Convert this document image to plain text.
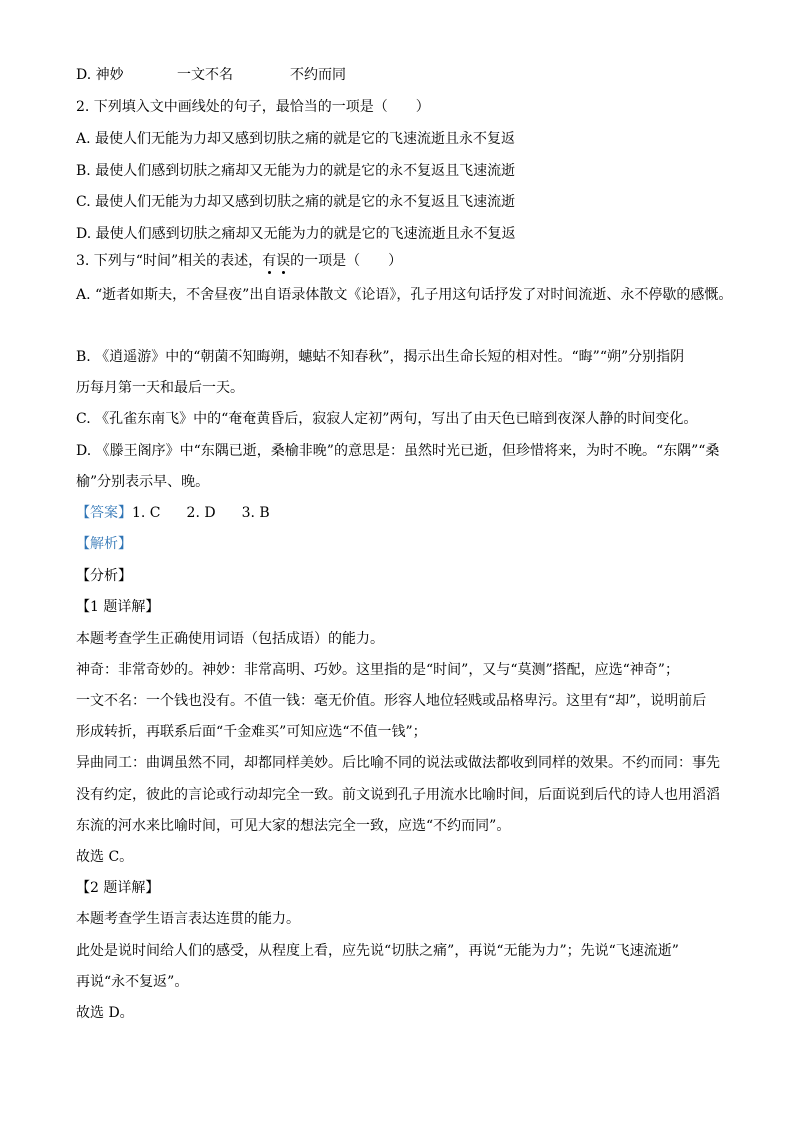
D. 神妙	一文不名	不约而同
2. 下列填入文中画线处的句子，最恰当的一项是（　　）
A. 最使人们无能为力却又感到切肤之痛的就是它的飞速流逝且永不复返
B. 最使人们感到切肤之痛却又无能为力的就是它的永不复返且飞速流逝
C. 最使人们无能为力却又感到切肤之痛的就是它的永不复返且飞速流逝
D. 最使人们感到切肤之痛却又无能为力的就是它的飞速流逝且永不复返
3. 下列与“时间”相关的表述，有误的一项是（　　）
A. “逝者如斯夫，不舍昼夜”出自语录体散文《论语》，孔子用这句话抒发了对时间流逝、永不停歇的感慨。
B. 《逍遥游》中的“朝菌不知晦朔，蟪蛄不知春秋”，揭示出生命长短的相对性。“晦”“朔”分别指阴
历每月第一天和最后一天。
C. 《孔雀东南飞》中的“奄奄黄昏后，寂寂人定初”两句，写出了由天色已暗到夜深人静的时间变化。
D. 《滕王阁序》中“东隅已逝，桑榆非晚”的意思是：虽然时光已逝，但珍惜将来，为时不晚。“东隅”“桑
榆”分别表示早、晚。
【答案】1. C 2. D 3. B
【解析】
【分析】
【1 题详解】
本题考查学生正确使用词语（包括成语）的能力。
神奇：非常奇妙的。神妙：非常高明、巧妙。这里指的是“时间”，又与“莫测”搭配，应选“神奇”；
一文不名：一个钱也没有。不值一钱：毫无价值。形容人地位轻贱或品格卑污。这里有“却”，说明前后
形成转折，再联系后面“千金难买”可知应选“不值一钱”；
异曲同工：曲调虽然不同，却都同样美妙。后比喻不同的说法或做法都收到同样的效果。不约而同：事先
没有约定，彼此的言论或行动却完全一致。前文说到孔子用流水比喻时间，后面说到后代的诗人也用滔滔
东流的河水来比喻时间，可见大家的想法完全一致，应选“不约而同”。
故选 C。
【2 题详解】
本题考查学生语言表达连贯的能力。
此处是说时间给人们的感受，从程度上看，应先说“切肤之痛”，再说“无能为力”；先说“飞速流逝”
再说“永不复返”。
故选 D。
